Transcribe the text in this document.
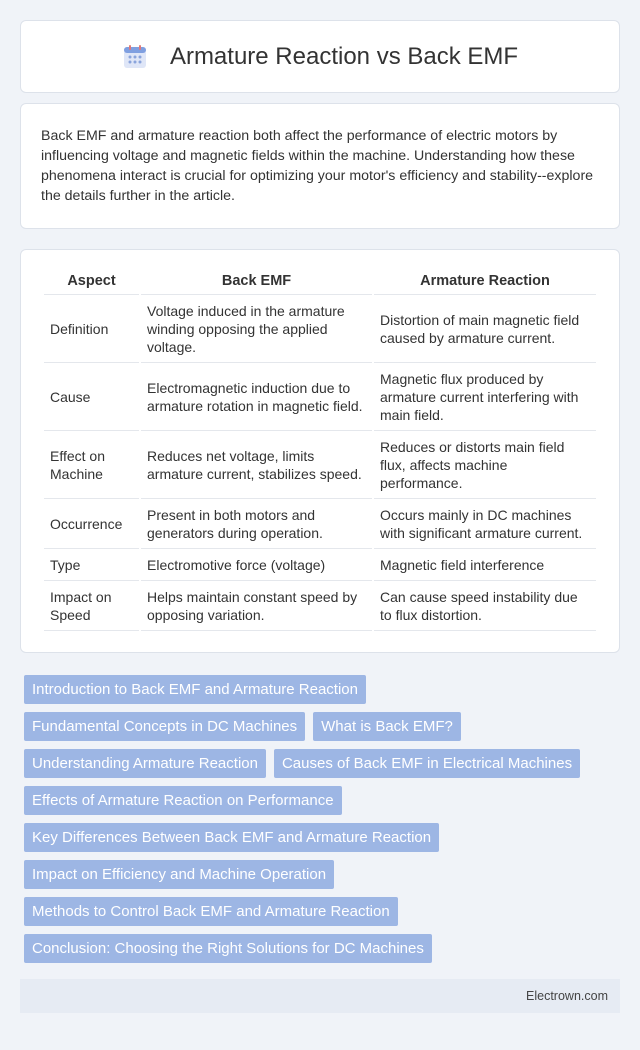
Armature Reaction vs Back EMF

Back EMF and armature reaction both affect the performance of electric motors by influencing voltage and magnetic fields within the machine. Understanding how these phenomena interact is crucial for optimizing your motor's efficiency and stability--explore the details further in the article.

Aspect	Back EMF	Armature Reaction
Definition	Voltage induced in the armature winding opposing the applied voltage.	Distortion of main magnetic field caused by armature current.
Cause	Electromagnetic induction due to armature rotation in magnetic field.	Magnetic flux produced by armature current interfering with main field.
Effect on Machine	Reduces net voltage, limits armature current, stabilizes speed.	Reduces or distorts main field flux, affects machine performance.
Occurrence	Present in both motors and generators during operation.	Occurs mainly in DC machines with significant armature current.
Type	Electromotive force (voltage)	Magnetic field interference
Impact on Speed	Helps maintain constant speed by opposing variation.	Can cause speed instability due to flux distortion.
Introduction to Back EMF and Armature Reaction
Fundamental Concepts in DC Machines	What is Back EMF?
Understanding Armature Reaction	Causes of Back EMF in Electrical Machines
Effects of Armature Reaction on Performance
Key Differences Between Back EMF and Armature Reaction
Impact on Efficiency and Machine Operation
Methods to Control Back EMF and Armature Reaction
Conclusion: Choosing the Right Solutions for DC Machines
Electrown.com
